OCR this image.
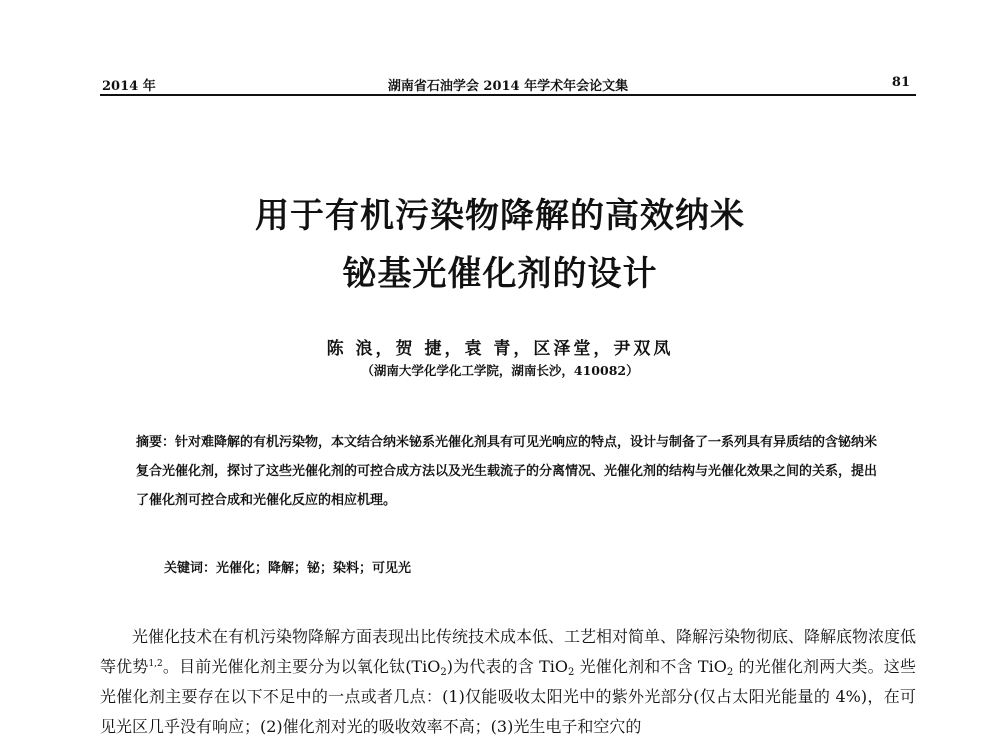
2014 年	湖南省石油学会 2014 年学术年会论文集	81
用于有机污染物降解的高效纳米
铋基光催化剂的设计
陈 浪，贺 捷，袁 青，区泽堂，尹双凤
（湖南大学化学化工学院，湖南长沙，410082）
摘要：针对难降解的有机污染物，本文结合纳米铋系光催化剂具有可见光响应的特点，设计与制备了一系列具有异质结的含铋纳米复合光催化剂，探讨了这些光催化剂的可控合成方法以及光生载流子的分离情况、光催化剂的结构与光催化效果之间的关系，提出了催化剂可控合成和光催化反应的相应机理。
关键词：光催化；降解；铋；染料；可见光

光催化技术在有机污染物降解方面表现出比传统技术成本低、工艺相对简单、降解污染物彻底、降解底物浓度低等优势$^{1,2}$。目前光催化剂主要分为以氧化钛(TiO$_2$)为代表的含 TiO$_2$ 光催化剂和不含 TiO$_2$ 的光催化剂两大类。这些光催化剂主要存在以下不足中的一点或者几点：(1)仅能吸收太阳光中的紫外光部分(仅占太阳光能量的 4%)，在可见光区几乎没有响应；(2)催化剂对光的吸收效率不高；(3)光生电子和空穴的
